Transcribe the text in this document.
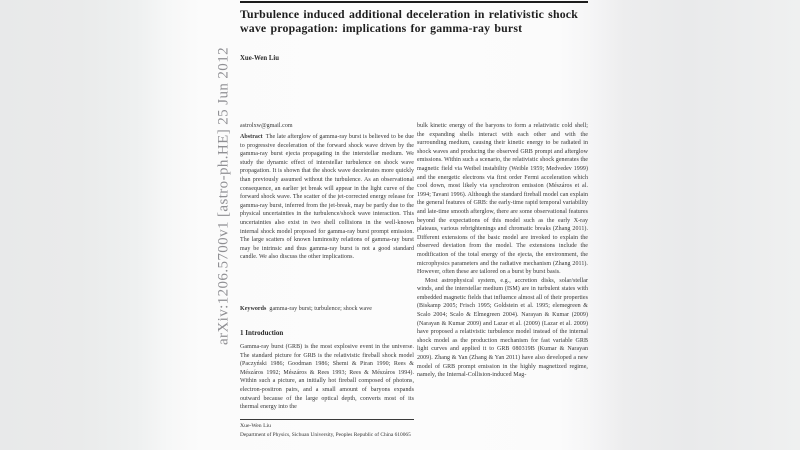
arXiv:1206.5700v1 [astro-ph.HE] 25 Jun 2012
Turbulence induced additional deceleration in relativistic shock wave propagation: implications for gamma-ray burst
Xue-Wen Liu
astrolxw@gmail.com

Abstract The late afterglow of gamma-ray burst is believed to be due to progressive deceleration of the forward shock wave driven by the gamma-ray burst ejecta propagating in the interstellar medium. We study the dynamic effect of interstellar turbulence on shock wave propagation. It is shown that the shock wave decelerates more quickly than previously assumed without the turbulence. As an observational consequence, an earlier jet break will appear in the light curve of the forward shock wave. The scatter of the jet-corrected energy release for gamma-ray burst, inferred from the jet-break, may be partly due to the physical uncertainties in the turbulence/shock wave interaction. This uncertainties also exist in two shell collisions in the well-known internal shock model proposed for gamma-ray burst prompt emission. The large scatters of known luminosity relations of gamma-ray burst may be intrinsic and thus gamma-ray burst is not a good standard candle. We also discuss the other implications.

Keywords gamma-ray burst; turbulence; shock wave

1 Introduction

Gamma-ray burst (GRB) is the most explosive event in the universe. The standard picture for GRB is the relativistic fireball shock model (Paczyński 1986; Goodman 1986; Shemi & Piran 1990; Rees & Mészáros 1992; Mészáros & Rees 1993; Rees & Mészáros 1994). Within such a picture, an initially hot fireball composed of photons, electron-positron pairs, and a small amount of baryons expands outward because of the large optical depth, converts most of its thermal energy into the

Xue-Wen Liu
Department of Physics, Sichuan University, Peoples Republic of China 610065

bulk kinetic energy of the baryons to form a relativistic cold shell; the expanding shells interact with each other and with the surrounding medium, causing their kinetic energy to be radiated in shock waves and producing the observed GRB prompt and afterglow emissions. Within such a scenario, the relativistic shock generates the magnetic field via Weibel instability (Weible 1959; Medvedev 1999) and the energetic electrons via first order Fermi acceleration which cool down, most likely via synchrotron emission (Mészáros et al. 1994; Tavani 1996). Although the standard fireball model can explain the general features of GRB: the early-time rapid temporal variability and late-time smooth afterglow, there are some observational features beyond the expectations of this model such as the early X-ray plateaus, various rebrightenings and chromatic breaks (Zhang 2011). Different extensions of the basic model are invoked to explain the observed deviation from the model. The extensions include the modification of the total energy of the ejecta, the environment, the microphysics parameters and the radiative mechanism (Zhang 2011). However, often these are tailored on a burst by burst basis.

Most astrophysical system, e.g., accretion disks, solar/stellar winds, and the interstellar medium (ISM) are in turbulent states with embedded magnetic fields that influence almost all of their properties (Biskamp 2005; Frisch 1995; Goldstein et al. 1995; elemegreen & Scalo 2004; Scalo & Elmegreen 2004). Narayan & Kumar (2009) (Narayan & Kumar 2009) and Lazar et al. (2009) (Lazar et al. 2009) have proposed a relativistic turbulence model instead of the internal shock model as the production mechanism for fast variable GRB light curves and applied it to GRB 080319B (Kumar & Narayan 2009). Zhang & Yan (Zhang & Yan 2011) have also developed a new model of GRB prompt emission in the highly magnetized regime, namely, the Internal-Collision-induced Mag-
